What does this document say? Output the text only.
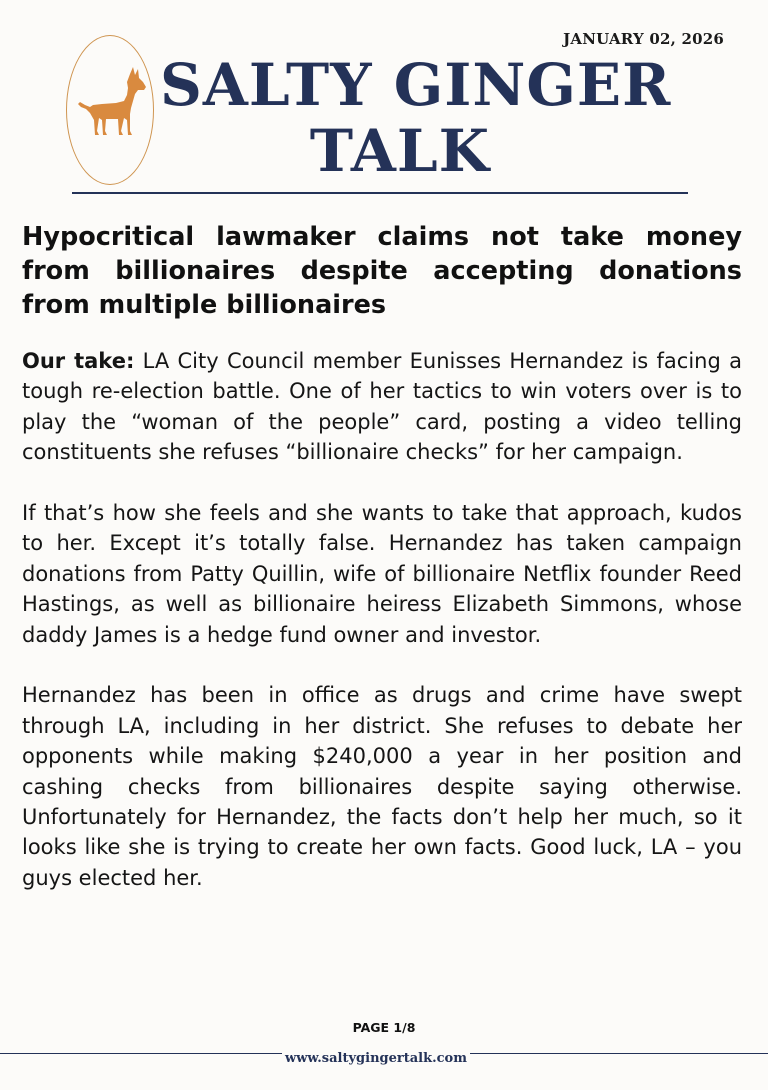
JANUARY 02, 2026
SALTY GINGER
TALK
Hypocritical lawmaker claims not take money from billionaires despite accepting donations from multiple billionaires

Our take: LA City Council member Eunisses Hernandez is facing a tough re-election battle. One of her tactics to win voters over is to play the “woman of the people” card, posting a video telling constituents she refuses “billionaire checks” for her campaign.

If that’s how she feels and she wants to take that approach, kudos to her. Except it’s totally false. Hernandez has taken campaign donations from Patty Quillin, wife of billionaire Netflix founder Reed Hastings, as well as billionaire heiress Elizabeth Simmons, whose daddy James is a hedge fund owner and investor.

Hernandez has been in office as drugs and crime have swept through LA, including in her district. She refuses to debate her opponents while making $240,000 a year in her position and cashing checks from billionaires despite saying otherwise. Unfortunately for Hernandez, the facts don’t help her much, so it looks like she is trying to create her own facts. Good luck, LA – you guys elected her.

PAGE 1/8
www.saltygingertalk.com
